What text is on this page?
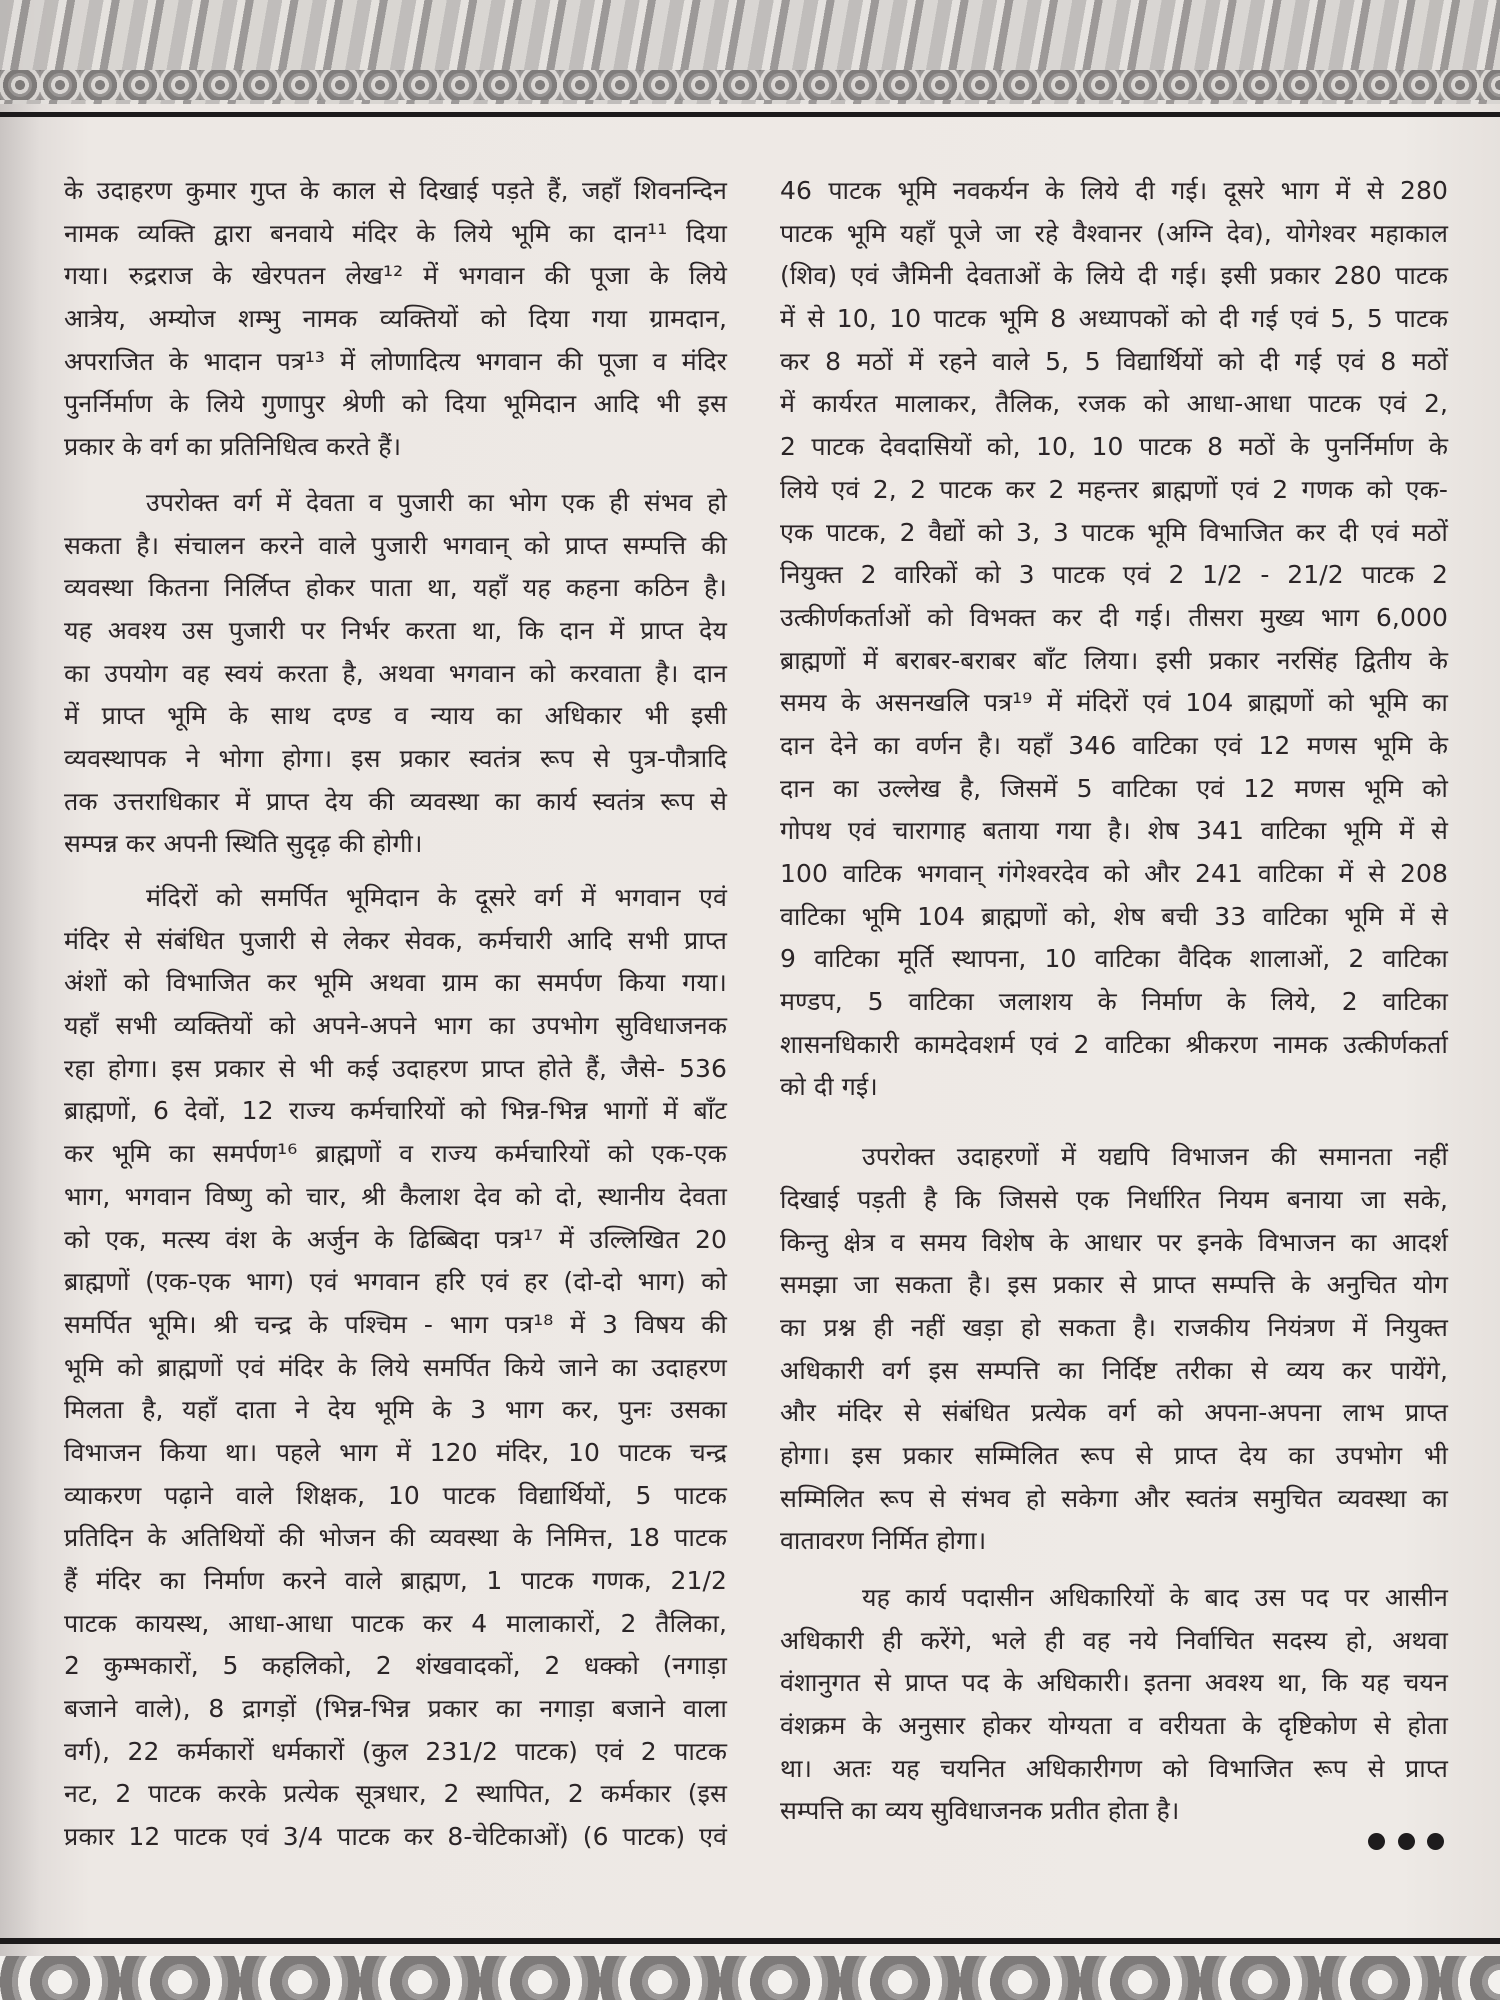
के उदाहरण कुमार गुप्त के काल से दिखाई पड़ते हैं, जहाँ शिवनन्दिन
नामक व्यक्ति द्वारा बनवाये मंदिर के लिये भूमि का दान¹¹ दिया
गया। रुद्रराज के खेरपतन लेख¹² में भगवान की पूजा के लिये
आत्रेय, अम्योज शम्भु नामक व्यक्तियों को दिया गया ग्रामदान,
अपराजित के भादान पत्र¹³ में लोणादित्य भगवान की पूजा व मंदिर
पुनर्निर्माण के लिये गुणापुर श्रेणी को दिया भूमिदान आदि भी इस
प्रकार के वर्ग का प्रतिनिधित्व करते हैं।
उपरोक्त वर्ग में देवता व पुजारी का भोग एक ही संभव हो
सकता है। संचालन करने वाले पुजारी भगवान् को प्राप्त सम्पत्ति की
व्यवस्था कितना निर्लिप्त होकर पाता था, यहाँ यह कहना कठिन है।
यह अवश्य उस पुजारी पर निर्भर करता था, कि दान में प्राप्त देय
का उपयोग वह स्वयं करता है, अथवा भगवान को करवाता है। दान
में प्राप्त भूमि के साथ दण्ड व न्याय का अधिकार भी इसी
व्यवस्थापक ने भोगा होगा। इस प्रकार स्वतंत्र रूप से पुत्र-पौत्रादि
तक उत्तराधिकार में प्राप्त देय की व्यवस्था का कार्य स्वतंत्र रूप से
सम्पन्न कर अपनी स्थिति सुदृढ़ की होगी।
मंदिरों को समर्पित भूमिदान के दूसरे वर्ग में भगवान एवं
मंदिर से संबंधित पुजारी से लेकर सेवक, कर्मचारी आदि सभी प्राप्त
अंशों को विभाजित कर भूमि अथवा ग्राम का समर्पण किया गया।
यहाँ सभी व्यक्तियों को अपने-अपने भाग का उपभोग सुविधाजनक
रहा होगा। इस प्रकार से भी कई उदाहरण प्राप्त होते हैं, जैसे- 536
ब्राह्मणों, 6 देवों, 12 राज्य कर्मचारियों को भिन्न-भिन्न भागों में बाँट
कर भूमि का समर्पण¹⁶ ब्राह्मणों व राज्य कर्मचारियों को एक-एक
भाग, भगवान विष्णु को चार, श्री कैलाश देव को दो, स्थानीय देवता
को एक, मत्स्य वंश के अर्जुन के ढिब्बिदा पत्र¹⁷ में उल्लिखित 20
ब्राह्मणों (एक-एक भाग) एवं भगवान हरि एवं हर (दो-दो भाग) को
समर्पित भूमि। श्री चन्द्र के पश्चिम - भाग पत्र¹⁸ में 3 विषय की
भूमि को ब्राह्मणों एवं मंदिर के लिये समर्पित किये जाने का उदाहरण
मिलता है, यहाँ दाता ने देय भूमि के 3 भाग कर, पुनः उसका
विभाजन किया था। पहले भाग में 120 मंदिर, 10 पाटक चन्द्र
व्याकरण पढ़ाने वाले शिक्षक, 10 पाटक विद्यार्थियों, 5 पाटक
प्रतिदिन के अतिथियों की भोजन की व्यवस्था के निमित्त, 18 पाटक
हैं मंदिर का निर्माण करने वाले ब्राह्मण, 1 पाटक गणक, 21/2
पाटक कायस्थ, आधा-आधा पाटक कर 4 मालाकारों, 2 तैलिका,
2 कुम्भकारों, 5 कहलिको, 2 शंखवादकों, 2 धक्को (नगाड़ा
बजाने वाले), 8 द्रागड़ों (भिन्न-भिन्न प्रकार का नगाड़ा बजाने वाला
वर्ग), 22 कर्मकारों धर्मकारों (कुल 231/2 पाटक) एवं 2 पाटक
नट, 2 पाटक करके प्रत्येक सूत्रधार, 2 स्थापित, 2 कर्मकार (इस
प्रकार 12 पाटक एवं 3/4 पाटक कर 8-चेटिकाओं) (6 पाटक) एवं
46 पाटक भूमि नवकर्यन के लिये दी गई। दूसरे भाग में से 280
पाटक भूमि यहाँ पूजे जा रहे वैश्वानर (अग्नि देव), योगेश्वर महाकाल
(शिव) एवं जैमिनी देवताओं के लिये दी गई। इसी प्रकार 280 पाटक
में से 10, 10 पाटक भूमि 8 अध्यापकों को दी गई एवं 5, 5 पाटक
कर 8 मठों में रहने वाले 5, 5 विद्यार्थियों को दी गई एवं 8 मठों
में कार्यरत मालाकर, तैलिक, रजक को आधा-आधा पाटक एवं 2,
2 पाटक देवदासियों को, 10, 10 पाटक 8 मठों के पुनर्निर्माण के
लिये एवं 2, 2 पाटक कर 2 महन्तर ब्राह्मणों एवं 2 गणक को एक-
एक पाटक, 2 वैद्यों को 3, 3 पाटक भूमि विभाजित कर दी एवं मठों
नियुक्त 2 वारिकों को 3 पाटक एवं 2 1/2 - 21/2 पाटक 2
उत्कीर्णकर्ताओं को विभक्त कर दी गई। तीसरा मुख्य भाग 6,000
ब्राह्मणों में बराबर-बराबर बाँट लिया। इसी प्रकार नरसिंह द्वितीय के
समय के असनखलि पत्र¹⁹ में मंदिरों एवं 104 ब्राह्मणों को भूमि का
दान देने का वर्णन है। यहाँ 346 वाटिका एवं 12 मणस भूमि के
दान का उल्लेख है, जिसमें 5 वाटिका एवं 12 मणस भूमि को
गोपथ एवं चारागाह बताया गया है। शेष 341 वाटिका भूमि में से
100 वाटिक भगवान् गंगेश्वरदेव को और 241 वाटिका में से 208
वाटिका भूमि 104 ब्राह्मणों को, शेष बची 33 वाटिका भूमि में से
9 वाटिका मूर्ति स्थापना, 10 वाटिका वैदिक शालाओं, 2 वाटिका
मण्डप, 5 वाटिका जलाशय के निर्माण के लिये, 2 वाटिका
शासनधिकारी कामदेवशर्म एवं 2 वाटिका श्रीकरण नामक उत्कीर्णकर्ता
को दी गई।
उपरोक्त उदाहरणों में यद्यपि विभाजन की समानता नहीं
दिखाई पड़ती है कि जिससे एक निर्धारित नियम बनाया जा सके,
किन्तु क्षेत्र व समय विशेष के आधार पर इनके विभाजन का आदर्श
समझा जा सकता है। इस प्रकार से प्राप्त सम्पत्ति के अनुचित योग
का प्रश्न ही नहीं खड़ा हो सकता है। राजकीय नियंत्रण में नियुक्त
अधिकारी वर्ग इस सम्पत्ति का निर्दिष्ट तरीका से व्यय कर पायेंगे,
और मंदिर से संबंधित प्रत्येक वर्ग को अपना-अपना लाभ प्राप्त
होगा। इस प्रकार सम्मिलित रूप से प्राप्त देय का उपभोग भी
सम्मिलित रूप से संभव हो सकेगा और स्वतंत्र समुचित व्यवस्था का
वातावरण निर्मित होगा।
यह कार्य पदासीन अधिकारियों के बाद उस पद पर आसीन
अधिकारी ही करेंगे, भले ही वह नये निर्वाचित सदस्य हो, अथवा
वंशानुगत से प्राप्त पद के अधिकारी। इतना अवश्य था, कि यह चयन
वंशक्रम के अनुसार होकर योग्यता व वरीयता के दृष्टिकोण से होता
था। अतः यह चयनित अधिकारीगण को विभाजित रूप से प्राप्त
सम्पत्ति का व्यय सुविधाजनक प्रतीत होता है।
